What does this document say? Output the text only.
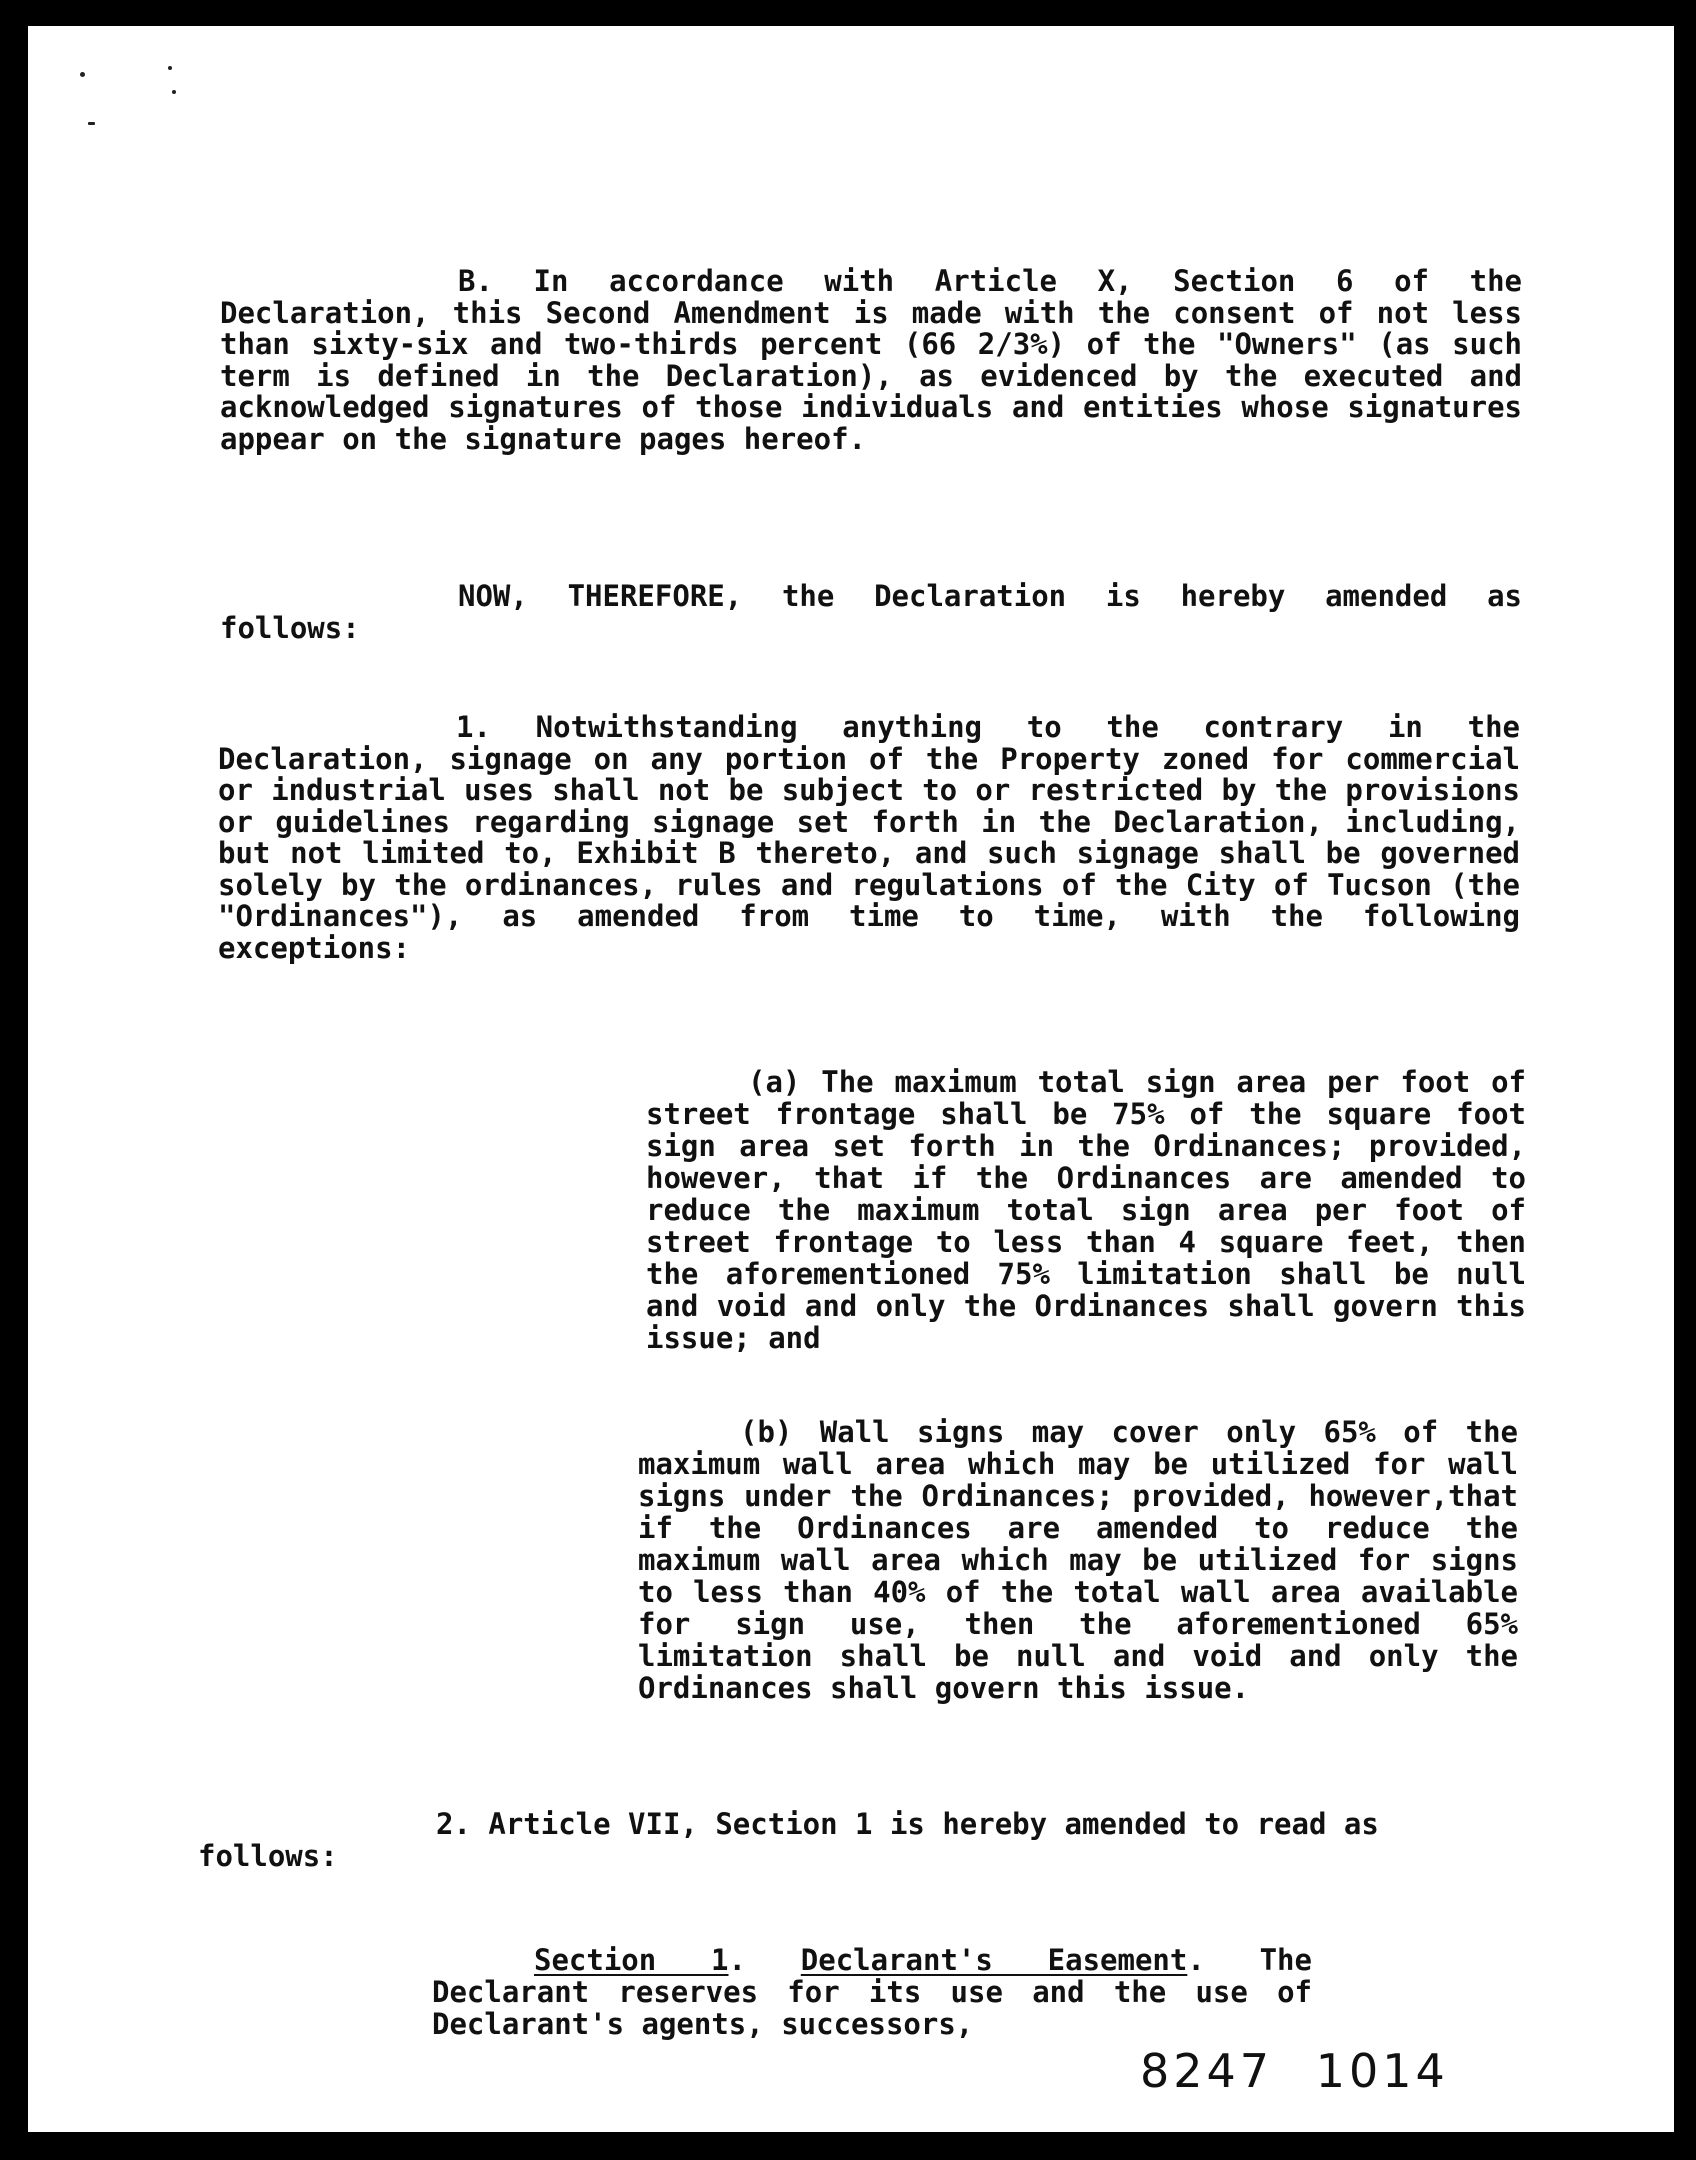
B. In accordance with Article X, Section 6 of the Declaration, this Second Amendment is made with the consent of not less than sixty-six and two-thirds percent (66 2/3%) of the "Owners" (as such term is defined in the Declaration), as evidenced by the executed and acknowledged signatures of those individuals and entities whose signatures appear on the signature pages hereof.
NOW, THEREFORE, the Declaration is hereby amended as follows:
1. Notwithstanding anything to the contrary in the Declaration, signage on any portion of the Property zoned for commercial or industrial uses shall not be subject to or restricted by the provisions or guidelines regarding signage set forth in the Declaration, including, but not limited to, Exhibit B thereto, and such signage shall be governed solely by the ordinances, rules and regulations of the City of Tucson (the "Ordinances"), as amended from time to time, with the following exceptions:
(a) The maximum total sign area per foot of street frontage shall be 75% of the square foot sign area set forth in the Ordinances; provided, however, that if the Ordinances are amended to reduce the maximum total sign area per foot of street frontage to less than 4 square feet, then the aforementioned 75% limitation shall be null and void and only the Ordinances shall govern this issue; and
(b) Wall signs may cover only 65% of the maximum wall area which may be utilized for wall signs under the Ordinances; provided, however,that if the Ordinances are amended to reduce the maximum wall area which may be utilized for signs to less than 40% of the total wall area available for sign use, then the aforementioned 65% limitation shall be null and void and only the Ordinances shall govern this issue.
2. Article VII, Section 1 is hereby amended to read as follows:
Section 1. Declarant's Easement. The Declarant reserves for its use and the use of Declarant's agents, successors,
8247 1014
